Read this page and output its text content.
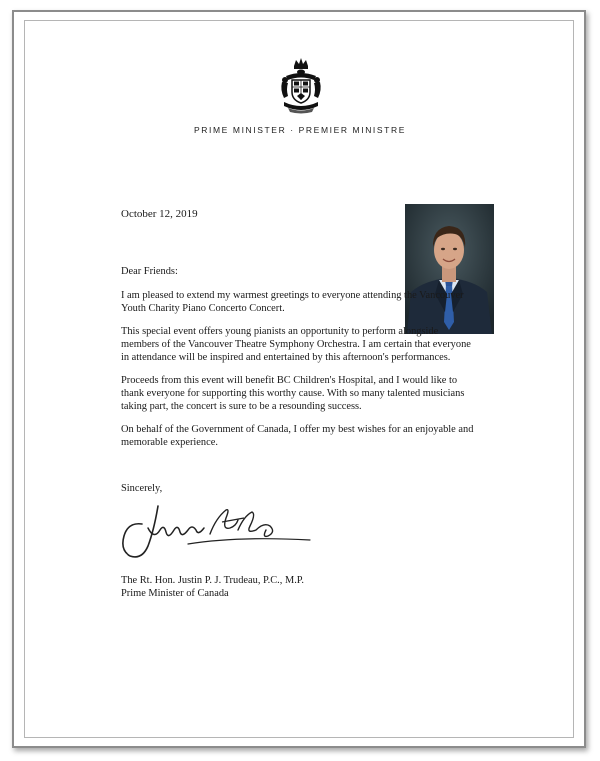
PRIME MINISTER · PREMIER MINISTRE
October 12, 2019

Dear Friends:

I am pleased to extend my warmest greetings to everyone attending the Vancouver Youth Charity Piano Concerto Concert.

This special event offers young pianists an opportunity to perform alongside members of the Vancouver Theatre Symphony Orchestra. I am certain that everyone in attendance will be inspired and entertained by this afternoon's performances.

Proceeds from this event will benefit BC Children's Hospital, and I would like to thank everyone for supporting this worthy cause. With so many talented musicians taking part, the concert is sure to be a resounding success.

On behalf of the Government of Canada, I offer my best wishes for an enjoyable and memorable experience.

Sincerely,
The Rt. Hon. Justin P. J. Trudeau, P.C., M.P.
Prime Minister of Canada
